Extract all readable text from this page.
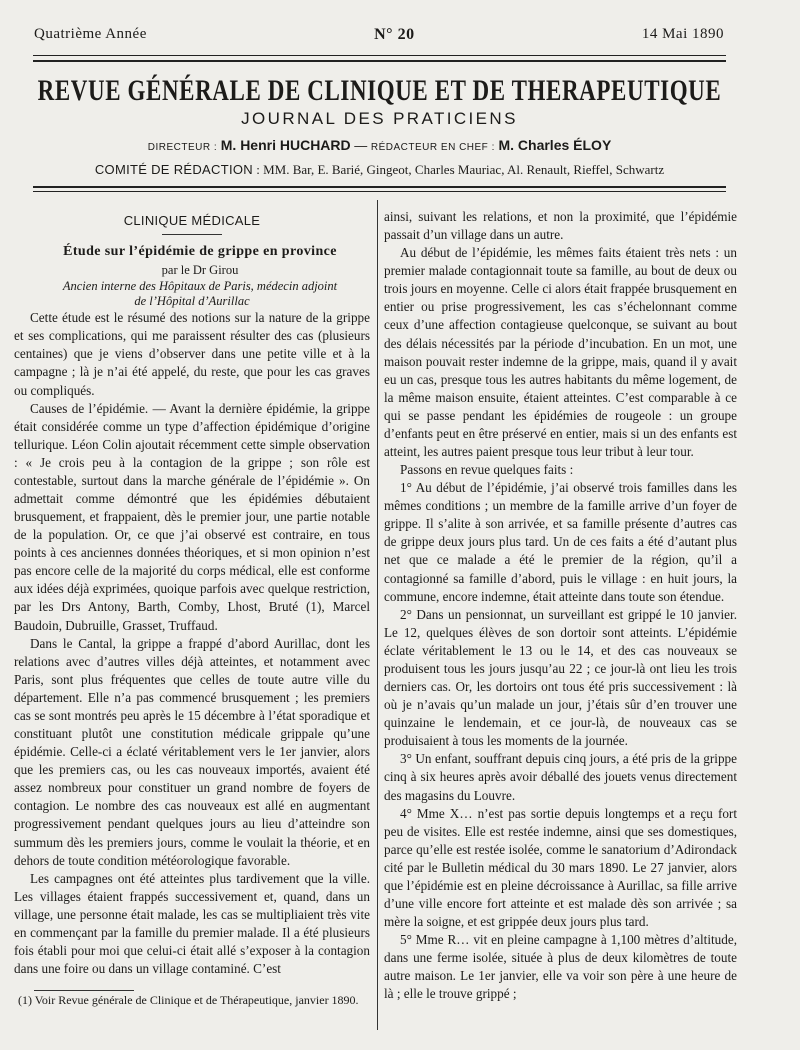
Quatrième Année	N° 20	14 Mai 1890
REVUE GÉNÉRALE DE CLINIQUE ET DE THERAPEUTIQUE
JOURNAL DES PRATICIENS
DIRECTEUR : M. Henri HUCHARD — RÉDACTEUR EN CHEF : M. Charles ÉLOY
COMITÉ DE RÉDACTION : MM. Bar, E. Barié, Gingeot, Charles Mauriac, Al. Renault, Rieffel, Schwartz
CLINIQUE MÉDICALE

Étude sur l’épidémie de grippe en province

par le Dr Girou

Ancien interne des Hôpitaux de Paris, médecin adjoint
de l’Hôpital d’Aurillac

Cette étude est le résumé des notions sur la nature de la grippe et ses complications, qui me paraissent résulter des cas (plusieurs centaines) que je viens d’observer dans une petite ville et à la campagne ; là je n’ai été appelé, du reste, que pour les cas graves ou compliqués.

Causes de l’épidémie. — Avant la dernière épidémie, la grippe était considérée comme un type d’affection épidémique d’origine tellurique. Léon Colin ajoutait récemment cette simple observation : « Je crois peu à la contagion de la grippe ; son rôle est contestable, surtout dans la marche générale de l’épidémie ». On admettait comme démontré que les épidémies débutaient brusquement, et frappaient, dès le premier jour, une partie notable de la population. Or, ce que j’ai observé est contraire, en tous points à ces anciennes données théoriques, et si mon opinion n’est pas encore celle de la majorité du corps médical, elle est conforme aux idées déjà exprimées, quoique parfois avec quelque restriction, par les Drs Antony, Barth, Comby, Lhost, Bruté (1), Marcel Baudoin, Dubruille, Grasset, Truffaud.

Dans le Cantal, la grippe a frappé d’abord Aurillac, dont les relations avec d’autres villes déjà atteintes, et notamment avec Paris, sont plus fréquentes que celles de toute autre ville du département. Elle n’a pas commencé brusquement ; les premiers cas se sont montrés peu après le 15 décembre à l’état sporadique et constituant plutôt une constitution médicale grippale qu’une épidémie. Celle-ci a éclaté véritablement vers le 1er janvier, alors que les premiers cas, ou les cas nouveaux importés, avaient été assez nombreux pour constituer un grand nombre de foyers de contagion. Le nombre des cas nouveaux est allé en augmentant progressivement pendant quelques jours au lieu d’atteindre son summum dès les premiers jours, comme le voulait la théorie, et en dehors de toute condition météorologique favorable.

Les campagnes ont été atteintes plus tardivement que la ville. Les villages étaient frappés successivement et, quand, dans un village, une personne était malade, les cas se multipliaient très vite en commençant par la famille du premier malade. Il a été plusieurs fois établi pour moi que celui-ci était allé s’exposer à la contagion dans une foire ou dans un village contaminé. C’est

ainsi, suivant les relations, et non la proximité, que l’épidémie passait d’un village dans un autre.

Au début de l’épidémie, les mêmes faits étaient très nets : un premier malade contagionnait toute sa famille, au bout de deux ou trois jours en moyenne. Celle ci alors était frappée brusquement en entier ou prise progressivement, les cas s’échelonnant comme ceux d’une affection contagieuse quelconque, se suivant au bout des délais nécessités par la période d’incubation. En un mot, une maison pouvait rester indemne de la grippe, mais, quand il y avait eu un cas, presque tous les autres habitants du même logement, de la même maison ensuite, étaient atteintes. C’est comparable à ce qui se passe pendant les épidémies de rougeole : un groupe d’enfants peut en être préservé en entier, mais si un des enfants est atteint, les autres paient presque tous leur tribut à leur tour.

Passons en revue quelques faits :

1° Au début de l’épidémie, j’ai observé trois familles dans les mêmes conditions ; un membre de la famille arrive d’un foyer de grippe. Il s’alite à son arrivée, et sa famille présente d’autres cas de grippe deux jours plus tard. Un de ces faits a été d’autant plus net que ce malade a été le premier de la région, qu’il a contagionné sa famille d’abord, puis le village : en huit jours, la commune, encore indemne, était atteinte dans toute son étendue.

2° Dans un pensionnat, un surveillant est grippé le 10 janvier. Le 12, quelques élèves de son dortoir sont atteints. L’épidémie éclate véritablement le 13 ou le 14, et des cas nouveaux se produisent tous les jours jusqu’au 22 ; ce jour-là ont lieu les trois derniers cas. Or, les dortoirs ont tous été pris successivement : là où je n’avais qu’un malade un jour, j’étais sûr d’en trouver une quinzaine le lendemain, et ce jour-là, de nouveaux cas se produisaient à tous les moments de la journée.

3° Un enfant, souffrant depuis cinq jours, a été pris de la grippe cinq à six heures après avoir déballé des jouets venus directement des magasins du Louvre.

4° Mme X… n’est pas sortie depuis longtemps et a reçu fort peu de visites. Elle est restée indemne, ainsi que ses domestiques, parce qu’elle est restée isolée, comme le sanatorium d’Adirondack cité par le Bulletin médical du 30 mars 1890. Le 27 janvier, alors que l’épidémie est en pleine décroissance à Aurillac, sa fille arrive d’une ville encore fort atteinte et est malade dès son arrivée ; sa mère la soigne, et est grippée deux jours plus tard.

5° Mme R… vit en pleine campagne à 1,100 mètres d’altitude, dans une ferme isolée, située à plus de deux kilomètres de toute autre maison. Le 1er janvier, elle va voir son père à une heure de là ; elle le trouve grippé ;

(1) Voir Revue générale de Clinique et de Thérapeutique, janvier 1890.
